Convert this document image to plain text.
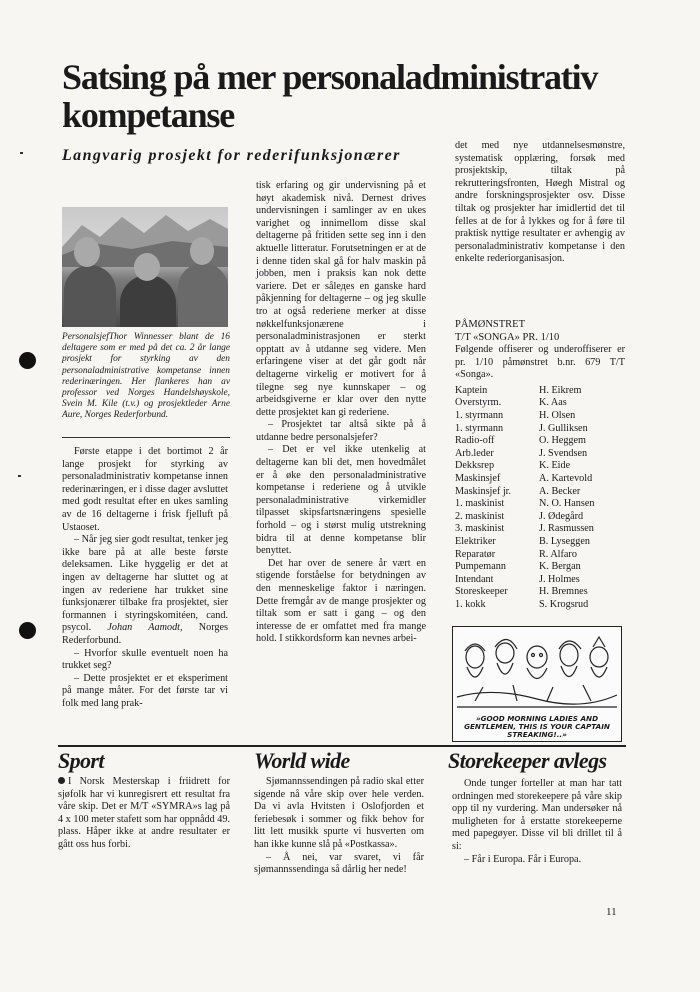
Satsing på mer personaladministrativ kompetanse
Langvarig prosjekt for rederifunksjonærer
PersonalsjefThor Winnesser blant de 16 deltagere som er med på det ca. 2 år lange prosjekt for styrking av den personaladministrative kompetanse innen rederinæringen. Her flankeres han av professor ved Norges Handelshøyskole, Svein M. Kile (t.v.) og prosjektleder Arne Aure, Norges Rederforbund.

Første etappe i det bortimot 2 år lange prosjekt for styrking av personaladministrativ kompetanse innen rederinæringen, er i disse dager avsluttet med godt resultat efter en ukes samling av de 16 deltagerne i frisk fjelluft på Ustaoset.

– Når jeg sier godt resultat, tenker jeg ikke bare på at alle beste første deleksamen. Like hyggelig er det at ingen av deltagerne har sluttet og at ingen av rederiene har trukket sine funksjonærer tilbake fra prosjektet, sier formannen i styringskomitéen, cand. psycol. Johan Aamodt, Norges Rederforbund.

– Hvorfor skulle eventuelt noen ha trukket seg?

– Dette prosjektet er et eksperiment på mange måter. For det første tar vi folk med lang prak-

tisk erfaring og gir undervisning på et høyt akademisk nivå. Dernest drives undervisningen i samlinger av en ukes varighet og innimellom disse skal deltagerne på fritiden sette seg inn i den aktuelle litteratur. Forutsetningen er at de i denne tiden skal gå for halv maskin på jobben, men i praksis kan nok dette variere. Det er sålедes en ganske hard påkjenning for deltagerne – og jeg skulle tro at også rederiene merker at disse nøkkelfunksjonærene i personaladministrasjonen er sterkt opptatt av å utdanne seg videre. Men erfaringene viser at det går godt når deltagerne virkelig er motivert for å tilegne seg nye kunnskaper – og arbeidsgiverne er klar over den nytte dette prosjektet kan gi rederiene.

– Prosjektet tar altså sikte på å utdanne bedre personalsjefer?

– Det er vel ikke utenkelig at deltagerne kan bli det, men hovedmålet er å øke den personaladministrative kompetanse i rederiene og å utvikle personaladministrative virkemidler tilpasset skipsfartsnæringens spesielle forhold – og i størst mulig utstrekning bidra til at denne kompetanse blir benyttet.

Det har over de senere år vært en stigende forståelse for betydningen av den menneskelige faktor i næringen. Dette fremgår av de mange prosjekter og tiltak som er satt i gang – og den interesse de er omfattet med fra mange hold. I stikkordsform kan nevnes arbei-

det med nye utdannelsesmønstre, systematisk opplæring, forsøk med prosjektskip, tiltak på rekrutteringsfronten, Høegh Mistral og andre forskningsprosjekter osv. Disse tiltak og prosjekter har imidlertid det til felles at de for å lykkes og for å føre til praktisk nyttige resultater er avhengig av personaladministrativ kompetanse i den enkelte rederiorganisasjon.

PÅMØNSTRET
T/T «SONGA» PR. 1/10

Følgende offiserer og underoffiserer er pr. 1/10 påmønstret b.nr. 679 T/T «Songa».

Kaptein	H. Eikrem
Overstyrm.	K. Aas
1. styrmann	H. Olsen
1. styrmann	J. Gulliksen
Radio-off	O. Heggem
Arb.leder	J. Svendsen
Dekksrep	K. Eide
Maskinsjef	A. Kartevold
Maskinsjef jr.	A. Becker
1. maskinist	N. O. Hansen
2. maskinist	J. Ødegård
3. maskinist	J. Rasmussen
Elektriker	B. Lyseggen
Reparatør	R. Alfaro
Pumpemann	K. Bergan
Intendant	J. Holmes
Storeskeeper	H. Bremnes
1. kokk	S. Krogsrud
»GOOD MORNING LADIES AND GENTLEMEN, THIS IS YOUR CAPTAIN STREAKING!..»
Sport

I Norsk Mesterskap i friidrett for sjøfolk har vi kunregisrert ett resultat fra våre skip. Det er M/T «SYMRA»s lag på 4 x 100 meter stafett som har oppnådd 49. plass. Håper ikke at andre resultater er gått oss hus forbi.

World wide

Sjømannssendingen på radio skal etter sigende nå våre skip over hele verden. Da vi avla Hvitsten i Oslofjorden et feriebesøk i sommer og fikk behov for litt lett musikk spurte vi husverten om han ikke kunne slå på «Postkassa».

– Å nei, var svaret, vi får sjømannssendinga så dårlig her nede!

Storekeeper avlegs

Onde tunger forteller at man har tatt ordningen med storekeepere på våre skip opp til ny vurdering. Man undersøker nå muligheten for å erstatte storekeeperne med papegøyer. Disse vil bli drillet til å si:

– Får i Europa. Får i Europa.

11
